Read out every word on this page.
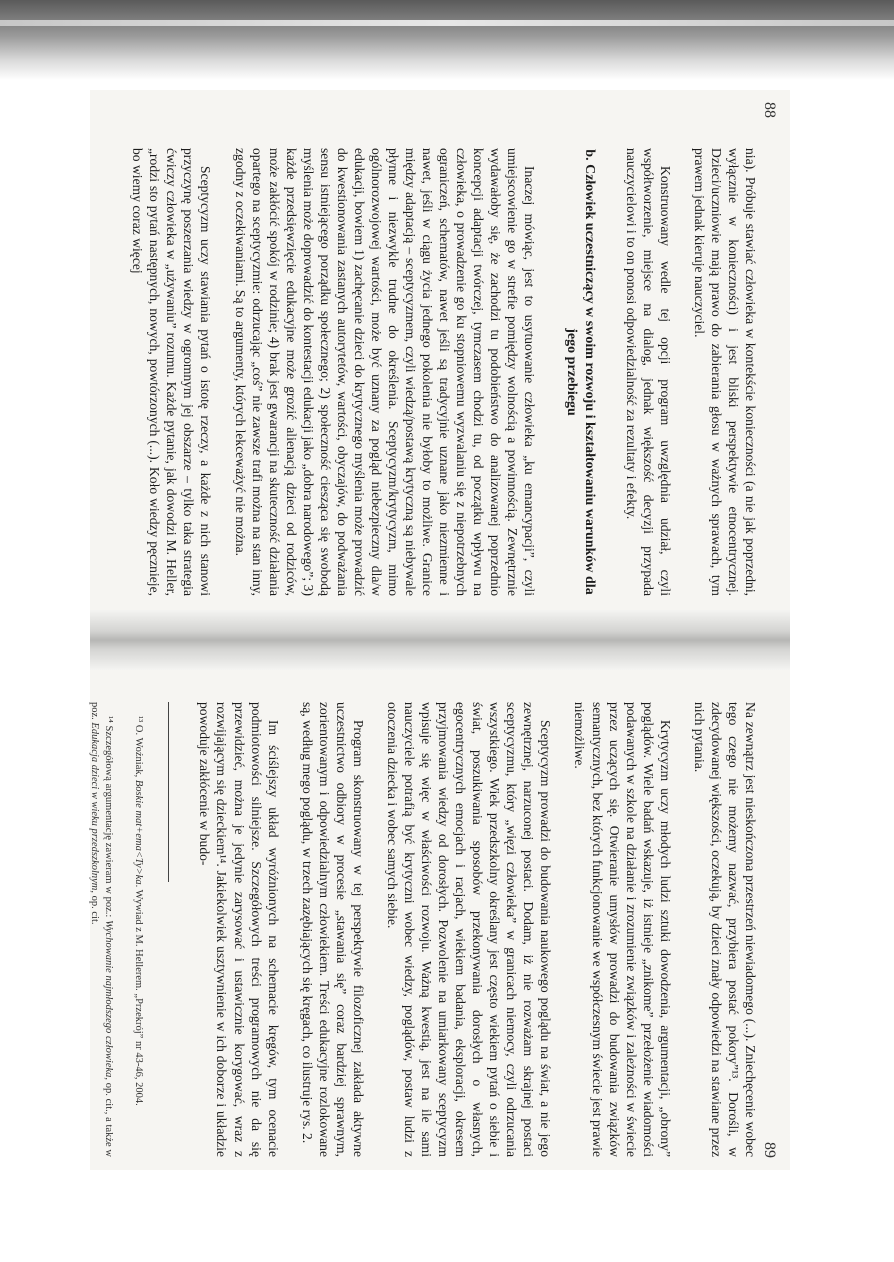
88

nia). Próbuje stawiać człowieka w kontekście konieczności (a nie jak poprzedni, wyłącznie w konieczności) i jest bliski perspektywie etnocentrycznej. Dzieci/uczniowie mają prawo do zabierania głosu w ważnych sprawach, tym prawem jednak kieruje nauczyciel.

Konstruowany wedle tej opcji program uwzględnia udział, czyli współtworzenie, miejsce na dialog, jednak większość decyzji przypada nauczycielowi i to on ponosi odpowiedzialność za rezultaty i efekty.

b. Człowiek uczestniczący w swoim rozwoju i kształtowaniu warunków dla jego przebiegu

Inaczej mówiąc, jest to usytuowanie człowieka „ku emancypacji”, czyli umiejscowienie go w strefie pomiędzy wolnością a powinnością. Zewnętrznie wydawałoby się, że zachodzi tu podobieństwo do analizowanej poprzednio koncepcji adaptacji twórczej, tymczasem chodzi tu, od początku wpływu na człowieka, o prowadzenie go ku stopniowemu wyzwalaniu się z niepotrzebnych ograniczeń, schematów, nawet jeśli są tradycyjnie uznane jako niezmienne i nawet, jeśli w ciągu życia jednego pokolenia nie byłoby to możliwe. Granice między adaptacją – sceptycyzmem, czyli wiedzą/postawą krytyczną są niebywale płynne i niezwykle trudne do określenia. Sceptycyzm/krytycyzm, mimo ogólnorozwojowej wartości, może być uznany za pogląd niebezpieczny dla/w edukacji, bowiem 1) zachęcanie dzieci do krytycznego myślenia może prowadzić do kwestionowania zastanych autorytetów, wartości, obyczajów, do podważania sensu istniejącego porządku społecznego; 2) społeczność ciesząca się swobodą myślenia może doprowadzić do kontestacji edukacji jako „dobra narodowego”; 3) każde przedsięwzięcie edukacyjne może grozić alienacją dzieci od rodziców, może zakłócić spokój w rodzinie; 4) brak jest gwarancji na skuteczność działania opartego na sceptycyzmie: odrzucając „coś” nie zawsze trafi można na stan inny, zgodny z oczekiwaniami. Są to argumenty, których lekceważyć nie można.

Sceptycyzm uczy stawiania pytań o istotę rzeczy, a każde z nich stanowi przyczynę poszerzania wiedzy w ogromnym jej obszarze – tylko taka strategia ćwiczy człowieka w „używaniu” rozumu. Każde pytanie, jak dowodzi M. Heller, „rodzi sto pytań następnych, nowych, powtórzonych (...). Koło wiedzy pęcznieje, bo wiemy coraz więcej

89

Na zewnątrz jest nieskończona przestrzeń niewiadomego (...). Zniechęcenie wobec tego czego nie możemy nazwać, przybiera postać pokory”¹³. Dorośli, w zdecydowanej większości, oczekują, by dzieci znały odpowiedzi na stawiane przez nich pytania.

Krytycyzm uczy młodych ludzi sztuki dowodzenia, argumentacji, „obrony” poglądów. Wiele badań wskazuje, iż istnieje „znikome” przełożenie wiadomości podawanych w szkole na działanie i zrozumienie związków i zależności w świecie przez uczących się. Otwieranie umysłów prowadzi do budowania związków semantycznych, bez których funkcjonowanie we współczesnym świecie jest prawie niemożliwe.

Sceptycyzm prowadzi do budowania naukowego poglądu na świat, a nie jego zewnętrznej, narzuconej postaci. Dodam, iż nie rozważam skrajnej postaci sceptycyzmu, który „więzi człowieka” w granicach niemocy, czyli odrzucania wszystkiego. Wiek przedszkolny określany jest często wiekiem pytań o siebie i świat, poszukiwania sposobów przekonywania dorosłych o własnych, egocentrycznych emocjach i racjach, wiekiem badania, eksploracji, okresem przyjmowania wiedzy od dorosłych. Pozwolenie na umiarkowany sceptycyzm wpisuje się więc w właściwości rozwoju. Ważną kwestią, jest na ile sami nauczyciele potrafią być krytyczni wobec wiedzy, poglądów, postaw ludzi z otoczenia dziecka i wobec samych siebie.

Program skonstruowany w tej perspektywie filozoficznej zakłada aktywne uczestnictwo odbiory w procesie „stawania się” coraz bardziej sprawnym, zorientowanym i odpowiedzialnym człowiekiem. Treści edukacyjne rozlokowane są, według mego poglądu, w trzech zazębiających się kręgach, co ilustruje rys. 2.

Im ściślejszy układ wyróżnionych na schemacie kręgów, tym ocenacie podmiotowości silniejsze. Szczegółowych treści programowych nie da się przewidzieć, można je jedynie zarysować i ustawicznie korygować, wraz z rozwijającym się dzieckiem¹⁴. Jakiekolwiek usztywnienie w ich doborze i układzie powoduje zakłócenie w budo-

¹³ O. Woźniak, Boskie mat+ema<Ty>ka. Wywiad z M. Hellerem. „Przekrój” nr 43-46, 2004.

¹⁴ Szczegółową argumentację zawieram w poz.: Wychowanie najmłodszego człowieka, op. cit., a także w poz. Edukacja dzieci w wieku przedszkolnym, op. cit.
